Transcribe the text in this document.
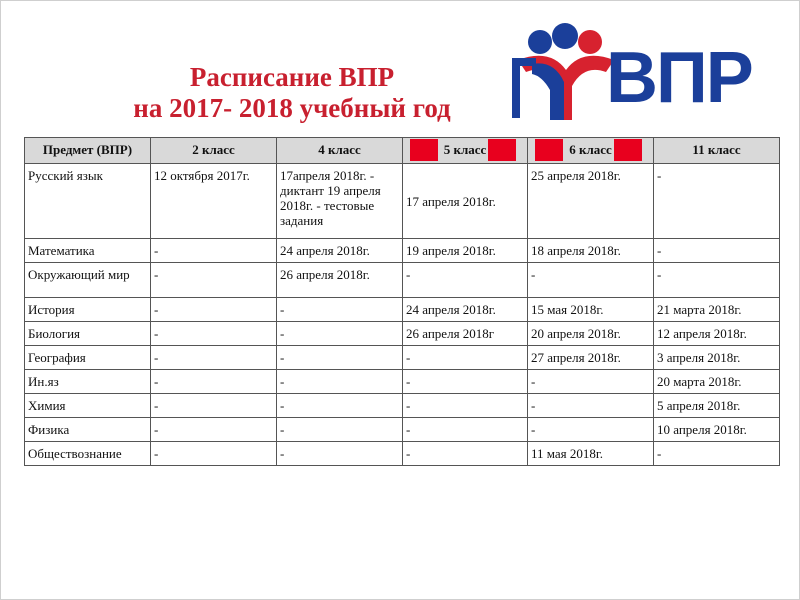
Расписание ВПР
на 2017- 2018 учебный год ВПР
Предмет (ВПР)	2 класс	4 класс	5 класс	6 класс	11 класс
Русский язык	12 октября 2017г.	17апреля 2018г. - диктант 19 апреля 2018г. - тестовые задания	17 апреля 2018г.	25 апреля 2018г.	-
Математика	-	24 апреля 2018г.	19 апреля 2018г.	18 апреля 2018г.	-
Окружающий мир	-	26 апреля 2018г.	-	-	-
История	-	-	24 апреля 2018г.	15 мая 2018г.	21 марта 2018г.
Биология	-	-	26 апреля 2018г	20 апреля 2018г.	12 апреля 2018г.
География	-	-	-	27 апреля 2018г.	3 апреля 2018г.
Ин.яз	-	-	-	-	20 марта 2018г.
Химия	-	-	-	-	5 апреля 2018г.
Физика	-	-	-	-	10 апреля 2018г.
Обществознание	-	-	-	11 мая 2018г.	-
